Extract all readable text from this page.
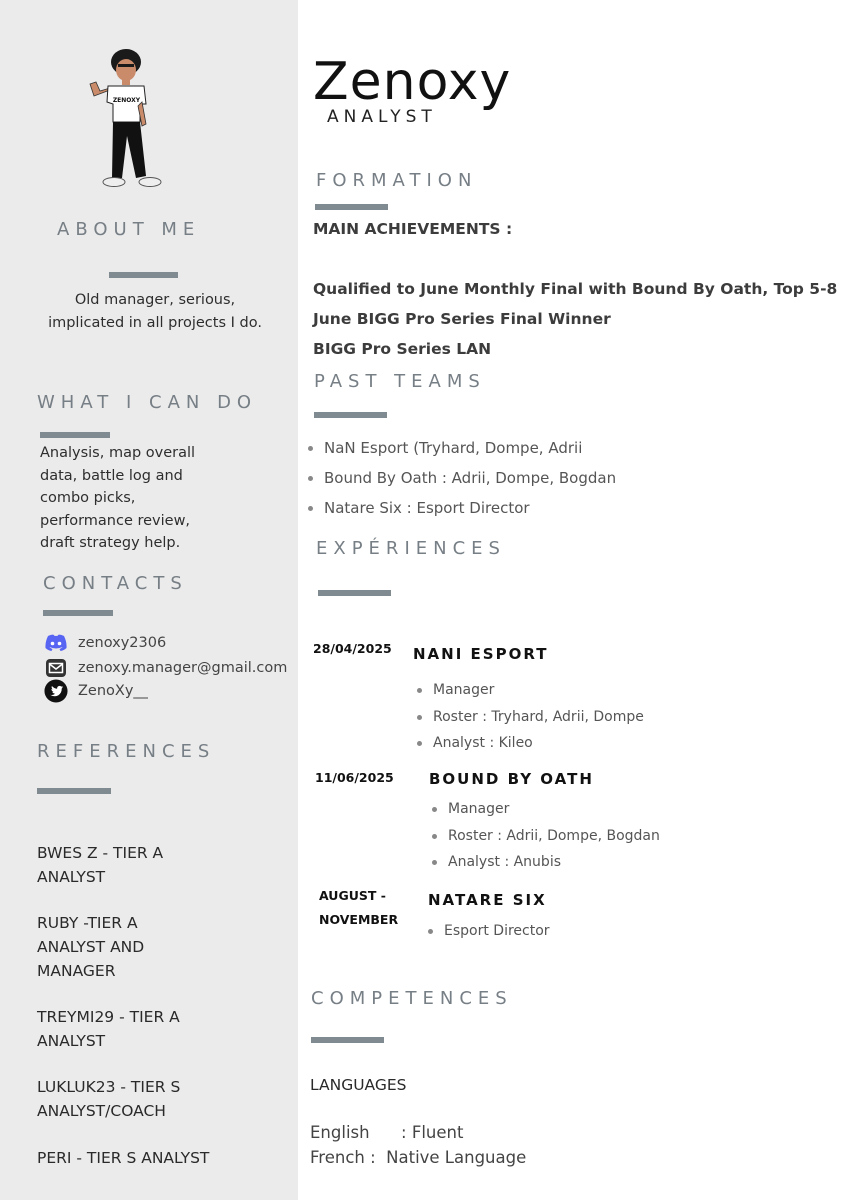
ZENOXY
ABOUT ME
Old manager, serious,
implicated in all projects I do.
WHAT I CAN DO
Analysis, map overall
data, battle log and
combo picks,
performance review,
draft strategy help.
CONTACTS
zenoxy2306
zenoxy.manager@gmail.com
ZenoXy__
REFERENCES
BWES Z - TIER A
ANALYST
RUBY -TIER A
ANALYST AND
MANAGER
TREYMI29 - TIER A
ANALYST
LUKLUK23 - TIER S
ANALYST/COACH
PERI - TIER S ANALYST
Zenoxy
ANALYST
FORMATION
MAIN ACHIEVEMENTS :
Qualified to June Monthly Final with Bound By Oath, Top 5-8
June BIGG Pro Series Final Winner
BIGG Pro Series LAN
PAST TEAMS
NaN Esport (Tryhard, Dompe, Adrii
Bound By Oath : Adrii, Dompe, Bogdan
Natare Six : Esport Director
EXPÉRIENCES
28/04/2025 NANI ESPORT
Manager
Roster : Tryhard, Adrii, Dompe
Analyst : Kileo
11/06/2025 BOUND BY OATH
Manager
Roster : Adrii, Dompe, Bogdan
Analyst : Anubis
AUGUST -
NOVEMBER
NATARE SIX
Esport Director
COMPETENCES
LANGUAGES
English      : Fluent
French :  Native Language
